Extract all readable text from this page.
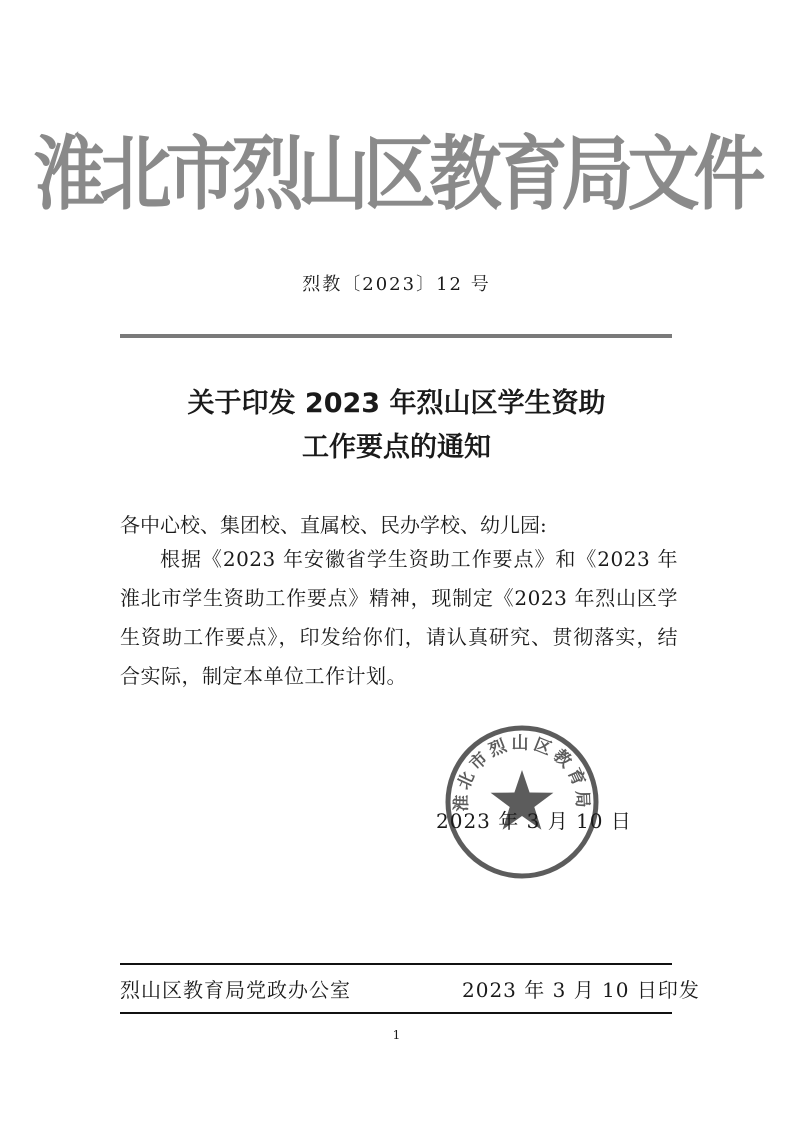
淮北市烈山区教育局文件
烈教〔2023〕12 号
关于印发 2023 年烈山区学生资助
工作要点的通知
各中心校、集团校、直属校、民办学校、幼儿园:
根据《2023 年安徽省学生资助工作要点》和《2023 年淮北市学生资助工作要点》精神，现制定《2023 年烈山区学生资助工作要点》，印发给你们，请认真研究、贯彻落实，结合实际，制定本单位工作计划。
淮北市烈山区教育局
2023 年 3 月 10 日
烈山区教育局党政办公室	2023 年 3 月 10 日印发
1
